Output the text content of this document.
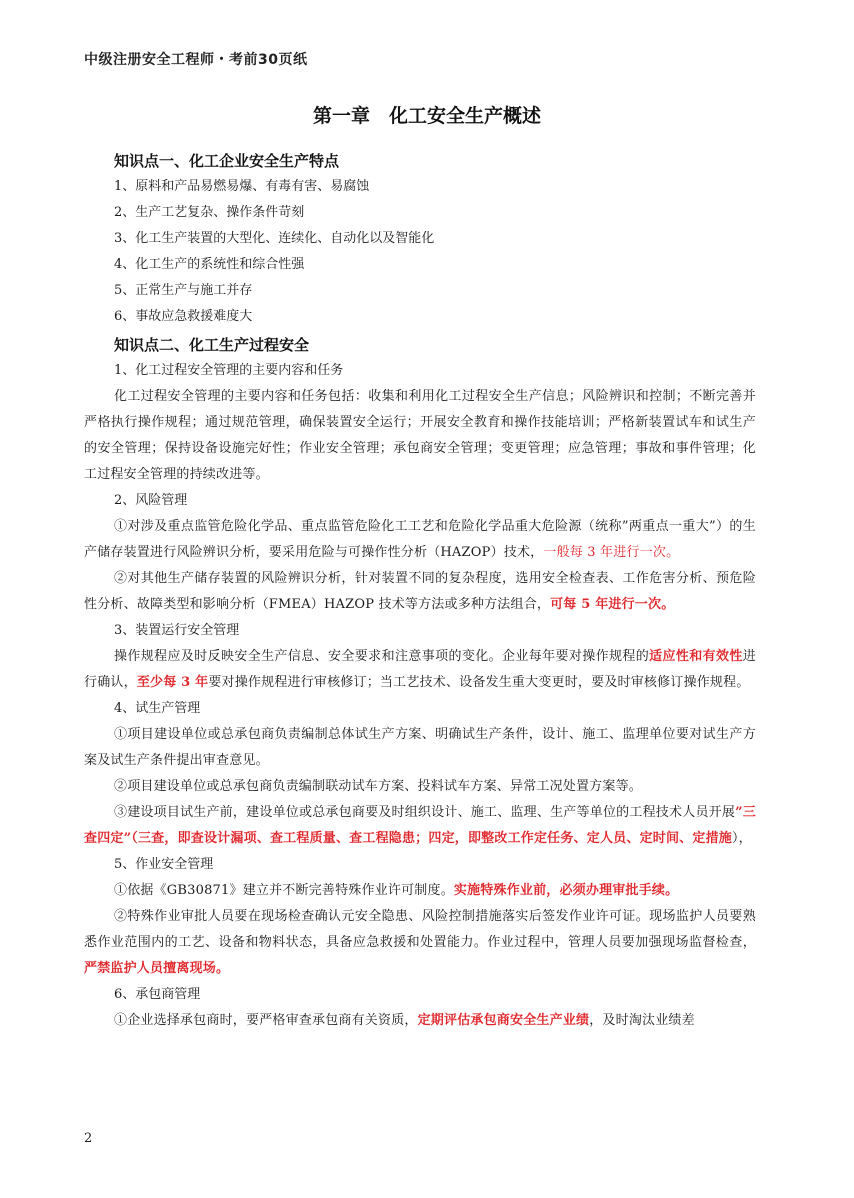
中级注册安全工程师・考前30页纸
第一章　化工安全生产概述
知识点一、化工企业安全生产特点
1、原料和产品易燃易爆、有毒有害、易腐蚀
2、生产工艺复杂、操作条件苛刻
3、化工生产装置的大型化、连续化、自动化以及智能化
4、化工生产的系统性和综合性强
5、正常生产与施工并存
6、事故应急救援难度大
知识点二、化工生产过程安全
1、化工过程安全管理的主要内容和任务

化工过程安全管理的主要内容和任务包括：收集和利用化工过程安全生产信息；风险辨识和控制；不断完善并严格执行操作规程；通过规范管理，确保装置安全运行；开展安全教育和操作技能培训；严格新装置试车和试生产的安全管理；保持设备设施完好性；作业安全管理；承包商安全管理；变更管理；应急管理；事故和事件管理；化工过程安全管理的持续改进等。

2、风险管理

①对涉及重点监管危险化学品、重点监管危险化工工艺和危险化学品重大危险源（统称”两重点一重大”）的生产储存装置进行风险辨识分析，要采用危险与可操作性分析（HAZOP）技术，一般每 3 年进行一次。

②对其他生产储存装置的风险辨识分析，针对装置不同的复杂程度，选用安全检查表、工作危害分析、预危险性分析、故障类型和影响分析（FMEA）HAZOP 技术等方法或多种方法组合，可每 5 年进行一次。

3、装置运行安全管理

操作规程应及时反映安全生产信息、安全要求和注意事项的变化。企业每年要对操作规程的适应性和有效性进行确认，至少每 3 年要对操作规程进行审核修订；当工艺技术、设备发生重大变更时，要及时审核修订操作规程。

4、试生产管理

①项目建设单位或总承包商负责编制总体试生产方案、明确试生产条件，设计、施工、监理单位要对试生产方案及试生产条件提出审查意见。

②项目建设单位或总承包商负责编制联动试车方案、投料试车方案、异常工况处置方案等。

③建设项目试生产前，建设单位或总承包商要及时组织设计、施工、监理、生产等单位的工程技术人员开展”三查四定”（三查，即查设计漏项、查工程质量、查工程隐患；四定，即整改工作定任务、定人员、定时间、定措施），

5、作业安全管理

①依据《GB30871》建立并不断完善特殊作业许可制度。实施特殊作业前，必须办理审批手续。

②特殊作业审批人员要在现场检查确认元安全隐患、风险控制措施落实后签发作业许可证。现场监护人员要熟悉作业范围内的工艺、设备和物料状态，具备应急救援和处置能力。作业过程中，管理人员要加强现场监督检查，严禁监护人员擅离现场。

6、承包商管理

①企业选择承包商时，要严格审查承包商有关资质，定期评估承包商安全生产业绩，及时淘汰业绩差

2
